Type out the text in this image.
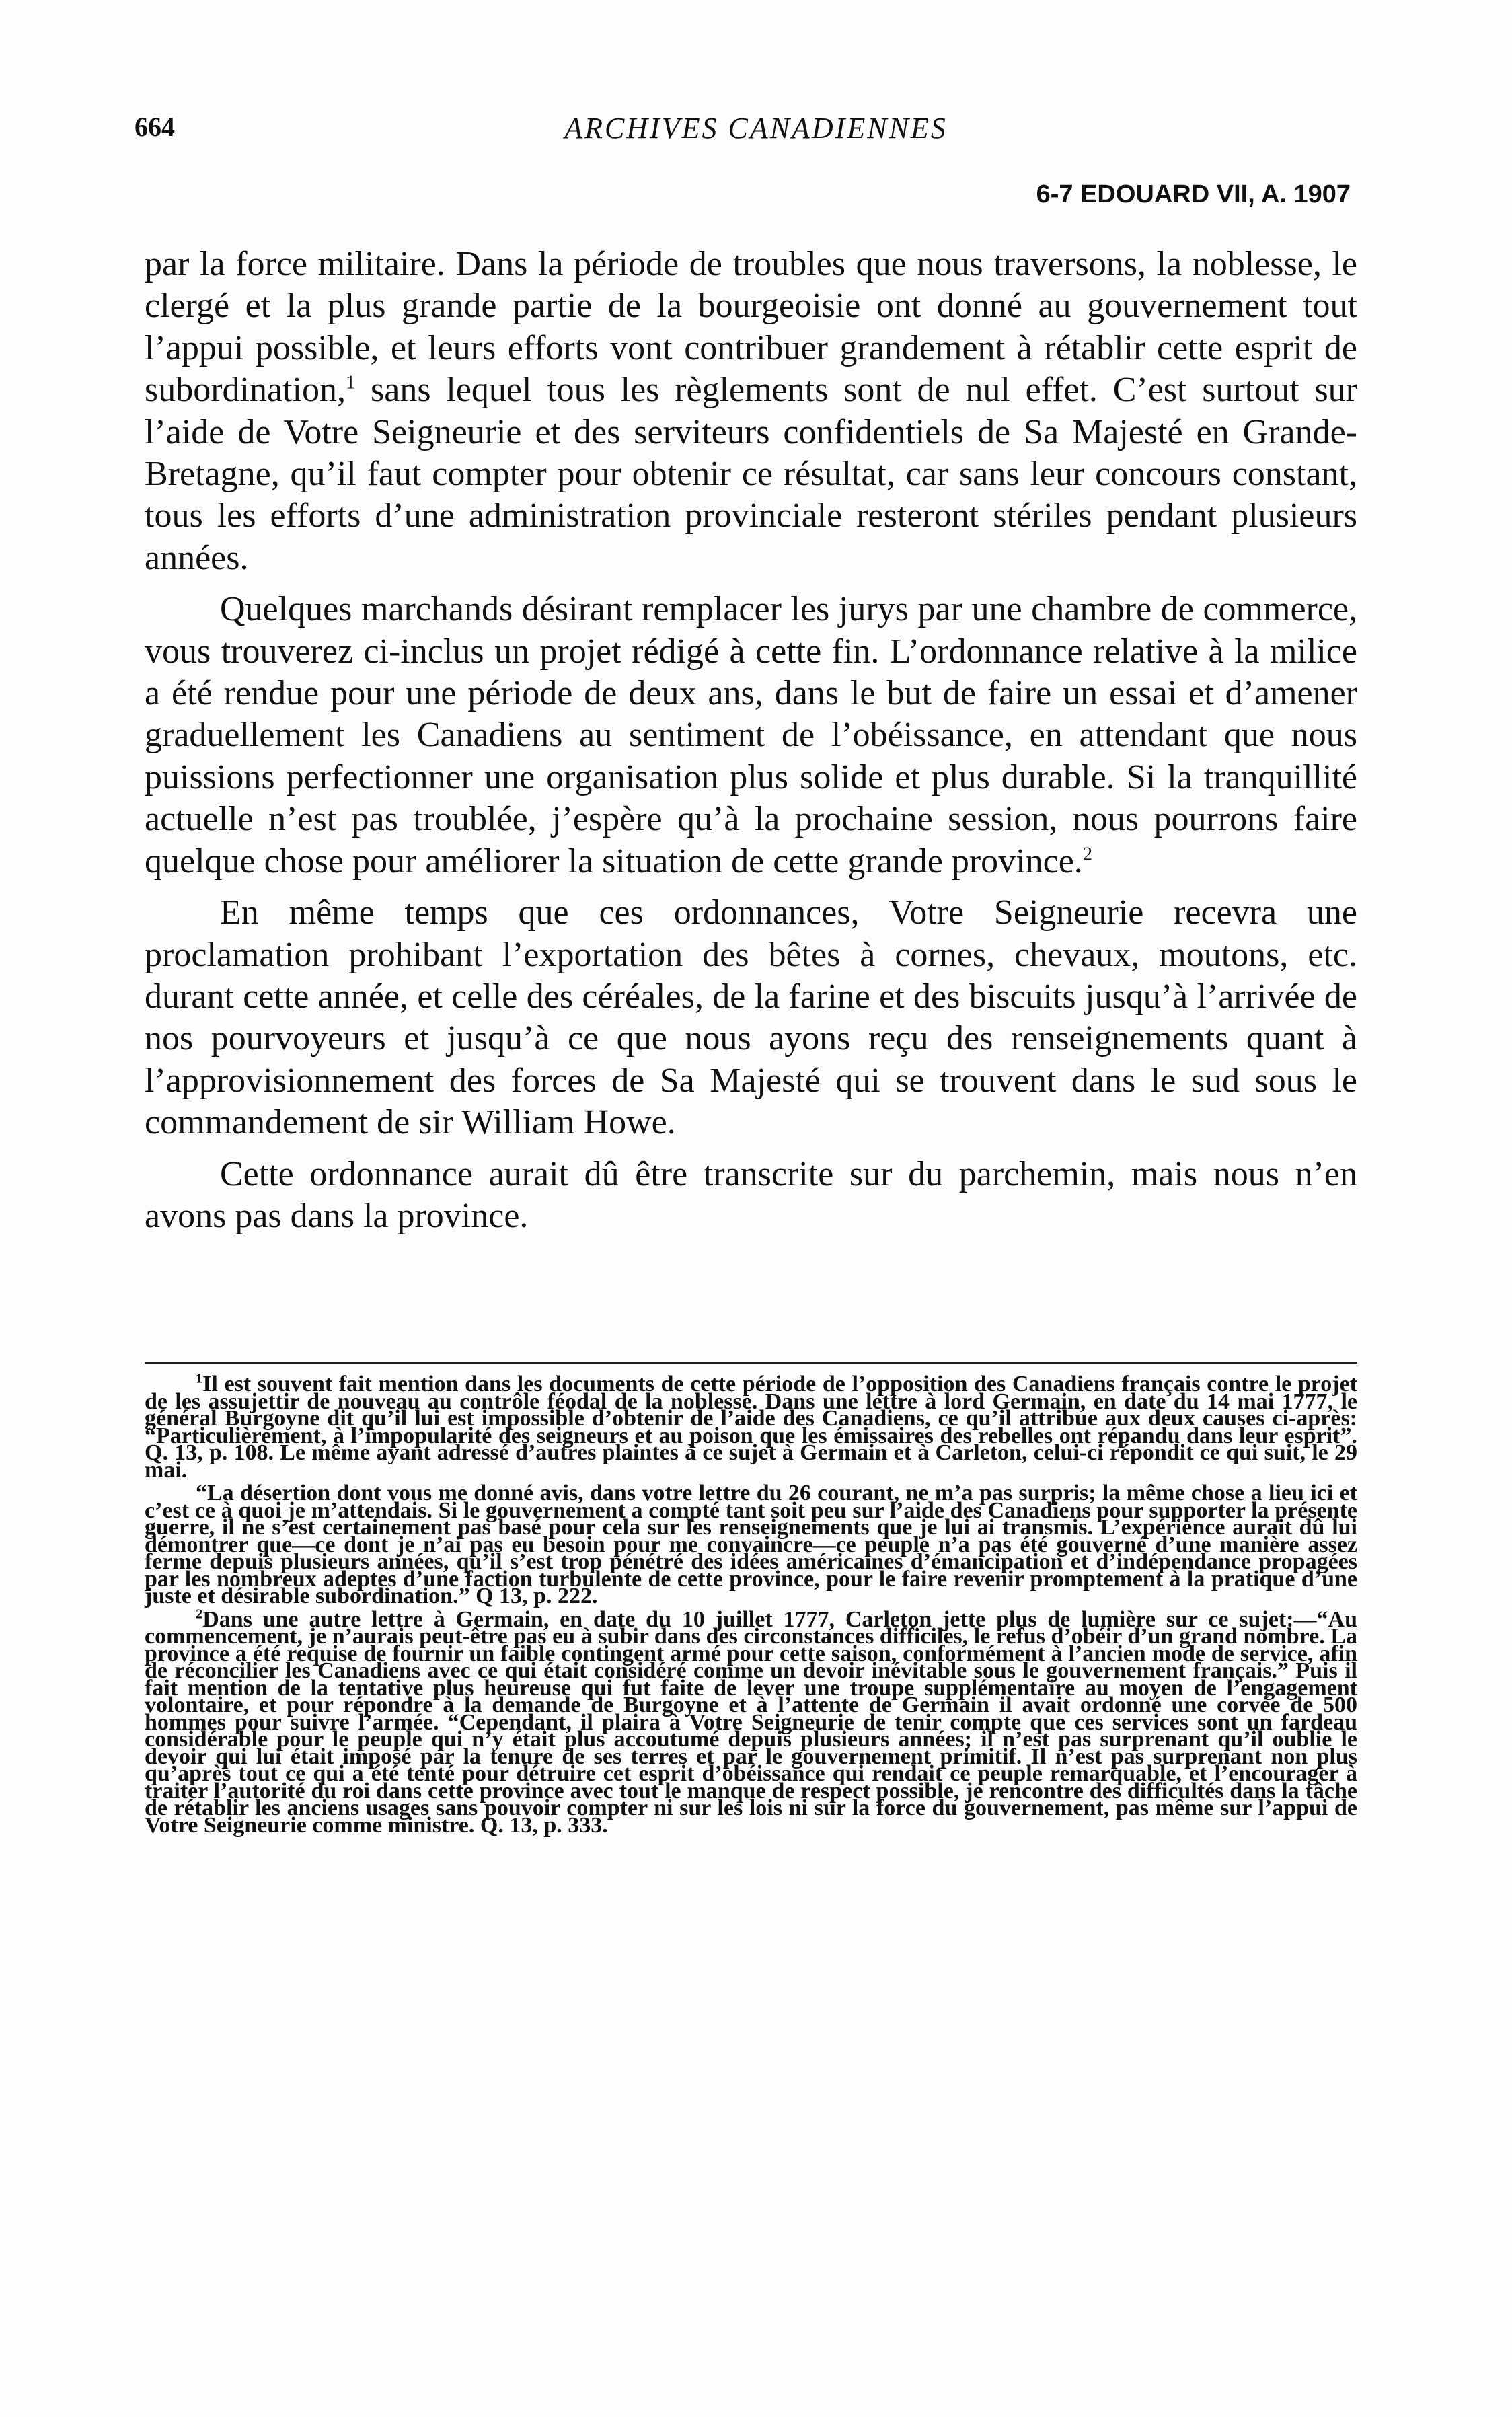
664	ARCHIVES CANADIENNES
6-7 EDOUARD VII, A. 1907

par la force militaire. Dans la période de troubles que nous traversons, la noblesse, le clergé et la plus grande partie de la bourgeoisie ont donné au gouvernement tout l’appui possible, et leurs efforts vont contribuer grandement à rétablir cette esprit de subordination,$^1$ sans lequel tous les règlements sont de nul effet. C’est surtout sur l’aide de Votre Seigneurie et des serviteurs confidentiels de Sa Majesté en Grande-Bretagne, qu’il faut compter pour obtenir ce résultat, car sans leur concours constant, tous les efforts d’une administration provinciale resteront stériles pendant plusieurs années.

Quelques marchands désirant remplacer les jurys par une chambre de commerce, vous trouverez ci-inclus un projet rédigé à cette fin. L’ordonnance relative à la milice a été rendue pour une période de deux ans, dans le but de faire un essai et d’amener graduellement les Canadiens au sentiment de l’obéissance, en attendant que nous puissions perfectionner une organisation plus solide et plus durable. Si la tranquillité actuelle n’est pas troublée, j’espère qu’à la prochaine session, nous pourrons faire quelque chose pour améliorer la situation de cette grande province.$^2$

En même temps que ces ordonnances, Votre Seigneurie recevra une proclamation prohibant l’exportation des bêtes à cornes, chevaux, moutons, etc. durant cette année, et celle des céréales, de la farine et des biscuits jusqu’à l’arrivée de nos pourvoyeurs et jusqu’à ce que nous ayons reçu des renseignements quant à l’approvisionnement des forces de Sa Majesté qui se trouvent dans le sud sous le commandement de sir William Howe.

Cette ordonnance aurait dû être transcrite sur du parchemin, mais nous n’en avons pas dans la province.

$^1$Il est souvent fait mention dans les documents de cette période de l’opposition des Canadiens français contre le projet de les assujettir de nouveau au contrôle féodal de la noblesse. Dans une lettre à lord Germain, en date du 14 mai 1777, le général Burgoyne dit qu’il lui est impossible d’obtenir de l’aide des Canadiens, ce qu’il attribue aux deux causes ci-après: “Particulièrement, à l’impopularité des seigneurs et au poison que les émissaires des rebelles ont répandu dans leur esprit”. Q. 13, p. 108. Le même ayant adressé d’autres plaintes à ce sujet à Germain et à Carleton, celui-ci répondit ce qui suit, le 29 mai.

“La désertion dont vous me donné avis, dans votre lettre du 26 courant, ne m’a pas surpris; la même chose a lieu ici et c’est ce à quoi je m’attendais. Si le gouvernement a compté tant soit peu sur l’aide des Canadiens pour supporter la présente guerre, il ne s’est certainement pas basé pour cela sur les renseignements que je lui ai transmis. L’expérience aurait dû lui démontrer que—ce dont je n’ai pas eu besoin pour me convaincre—ce peuple n’a pas été gouverné d’une manière assez ferme depuis plusieurs années, qu’il s’est trop pénétré des idées américaines d’émancipation et d’indépendance propagées par les nombreux adeptes d’une faction turbulente de cette province, pour le faire revenir promptement à la pratique d’une juste et désirable subordination.” Q 13, p. 222.

$^2$Dans une autre lettre à Germain, en date du 10 juillet 1777, Carleton jette plus de lumière sur ce sujet:—“Au commencement, je n’aurais peut-être pas eu à subir dans des circonstances difficiles, le refus d’obéir d’un grand nombre. La province a été requise de fournir un faible contingent armé pour cette saison, conformément à l’ancien mode de service, afin de réconcilier les Canadiens avec ce qui était considéré comme un devoir inévitable sous le gouvernement français.” Puis il fait mention de la tentative plus heureuse qui fut faite de lever une troupe supplémentaire au moyen de l’engagement volontaire, et pour répondre à la demande de Burgoyne et à l’attente de Germain il avait ordonné une corvée de 500 hommes pour suivre l’armée. “Cependant, il plaira à Votre Seigneurie de tenir compte que ces services sont un fardeau considérable pour le peuple qui n’y était plus accoutumé depuis plusieurs années; il n’est pas surprenant qu’il oublie le devoir qui lui était imposé par la tenure de ses terres et par le gouvernement primitif. Il n’est pas surprenant non plus qu’après tout ce qui a été tenté pour détruire cet esprit d’obéissance qui rendait ce peuple remarquable, et l’encourager à traiter l’autorité du roi dans cette province avec tout le manque de respect possible, je rencontre des difficultés dans la tâche de rétablir les anciens usages sans pouvoir compter ni sur les lois ni sur la force du gouvernement, pas même sur l’appui de Votre Seigneurie comme ministre. Q. 13, p. 333.
